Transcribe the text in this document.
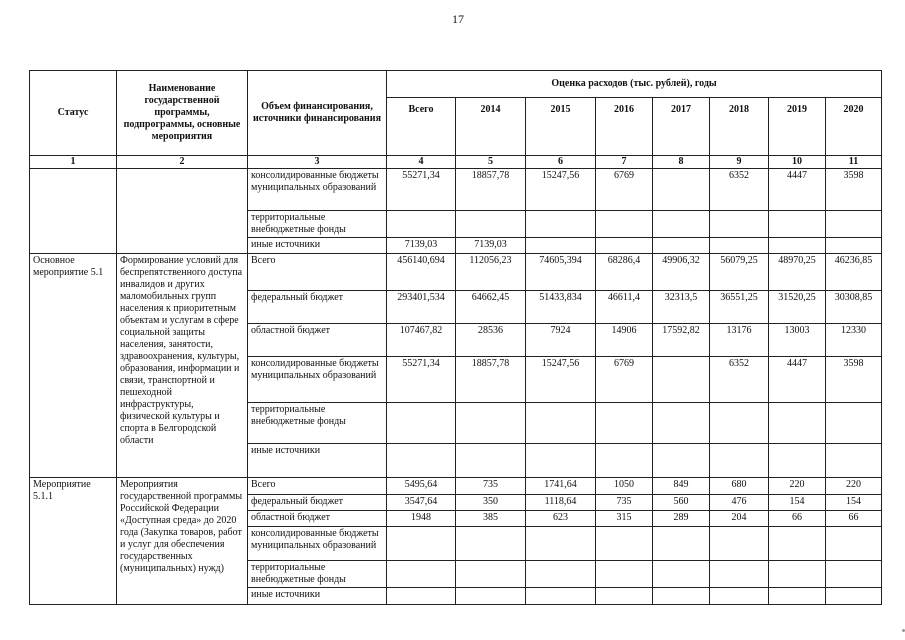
17
Статус	Наименование государственной программы, подпрограммы, основные мероприятия	Объем финансирования, источники финансирования	Оценка расходов (тыс. рублей), годы							
			Всего	2014	2015	2016	2017	2018	2019	2020
1	2	3	4	5	6	7	8	9	10	11
		консолидированные бюджеты муниципальных образований	55271,34	18857,78	15247,56	6769		6352	4447	3598
		территориальные внебюджетные фонды								
		иные источники	7139,03	7139,03						
Основное мероприятие 5.1	Формирование условий для беспрепятственного доступа инвалидов и других маломобильных групп населения к приоритетным объектам и услугам в сфере социальной защиты населения, занятости, здравоохранения, культуры, образования, информации и связи, транспортной и пешеходной инфраструктуры, физической культуры и спорта в Белгородской области	Всего	456140,694	112056,23	74605,394	68286,4	49906,32	56079,25	48970,25	46236,85
		федеральный бюджет	293401,534	64662,45	51433,834	46611,4	32313,5	36551,25	31520,25	30308,85
		областной бюджет	107467,82	28536	7924	14906	17592,82	13176	13003	12330
		консолидированные бюджеты муниципальных образований	55271,34	18857,78	15247,56	6769		6352	4447	3598
		территориальные внебюджетные фонды								
		иные источники								
Мероприятие 5.1.1	Мероприятия государственной программы Российской Федерации «Доступная среда» до 2020 года (Закупка товаров, работ и услуг для обеспечения государственных (муниципальных) нужд)	Всего	5495,64	735	1741,64	1050	849	680	220	220
		федеральный бюджет	3547,64	350	1118,64	735	560	476	154	154
		областной бюджет	1948	385	623	315	289	204	66	66
		консолидированные бюджеты муниципальных образований								
		территориальные внебюджетные фонды								
		иные источники								
